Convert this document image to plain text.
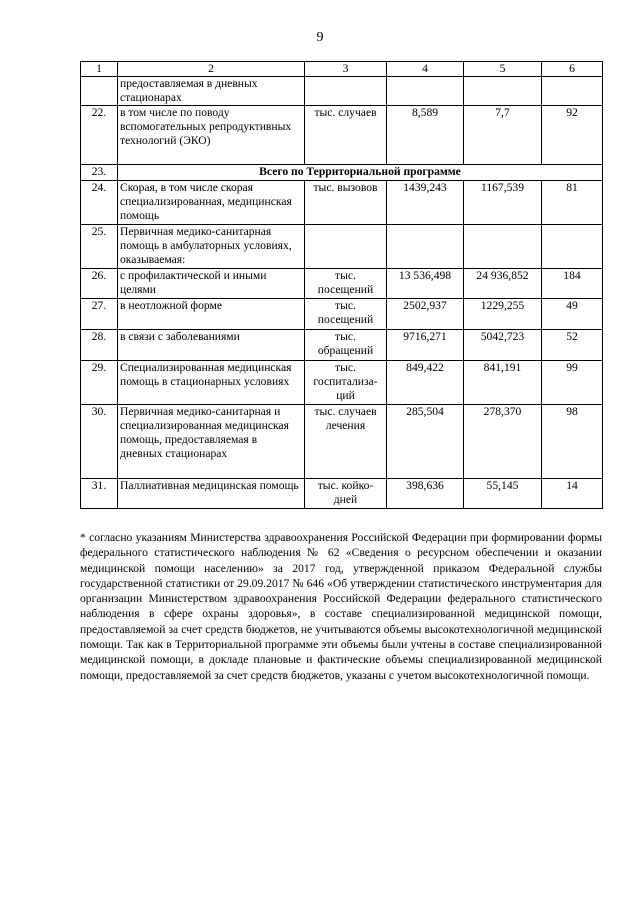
9
1	2	3	4	5	6
	предоставляемая в дневных стационарах				
22.	в том числе по поводу вспомогательных репродуктивных технологий (ЭКО)	тыс. случаев	8,589	7,7	92
23.	Всего по Территориальной программе				
24.	Скорая, в том числе скорая специализированная, медицинская помощь	тыс. вызовов	1439,243	1167,539	81
25.	Первичная медико-санитарная помощь в амбулаторных условиях, оказываемая:				
26.	с профилактической и иными целями	тыс. посещений	13 536,498	24 936,852	184
27.	в неотложной форме	тыс. посещений	2502,937	1229,255	49
28.	в связи с заболеваниями	тыс. обращений	9716,271	5042,723	52
29.	Специализированная медицинская помощь в стационарных условиях	тыс. госпитализа-ций	849,422	841,191	99
30.	Первичная медико-санитарная и специализированная медицинская помощь, предоставляемая в дневных стационарах	тыс. случаев лечения	285,504	278,370	98
31.	Паллиативная медицинская помощь	тыс. койко-дней	398,636	55,145	14
* согласно указаниям Министерства здравоохранения Российской Федерации при формировании формы федерального статистического наблюдения № 62 «Сведения о ресурсном обеспечении и оказании медицинской помощи населению» за 2017 год, утвержденной приказом Федеральной службы государственной статистики от 29.09.2017 № 646 «Об утверждении статистического инструментария для организации Министерством здравоохранения Российской Федерации федерального статистического наблюдения в сфере охраны здоровья», в составе специализированной медицинской помощи, предоставляемой за счет средств бюджетов, не учитываются объемы высокотехнологичной медицинской помощи. Так как в Территориальной программе эти объемы были учтены в составе специализированной медицинской помощи, в докладе плановые и фактические объемы специализированной медицинской помощи, предоставляемой за счет средств бюджетов, указаны с учетом высокотехнологичной помощи.
